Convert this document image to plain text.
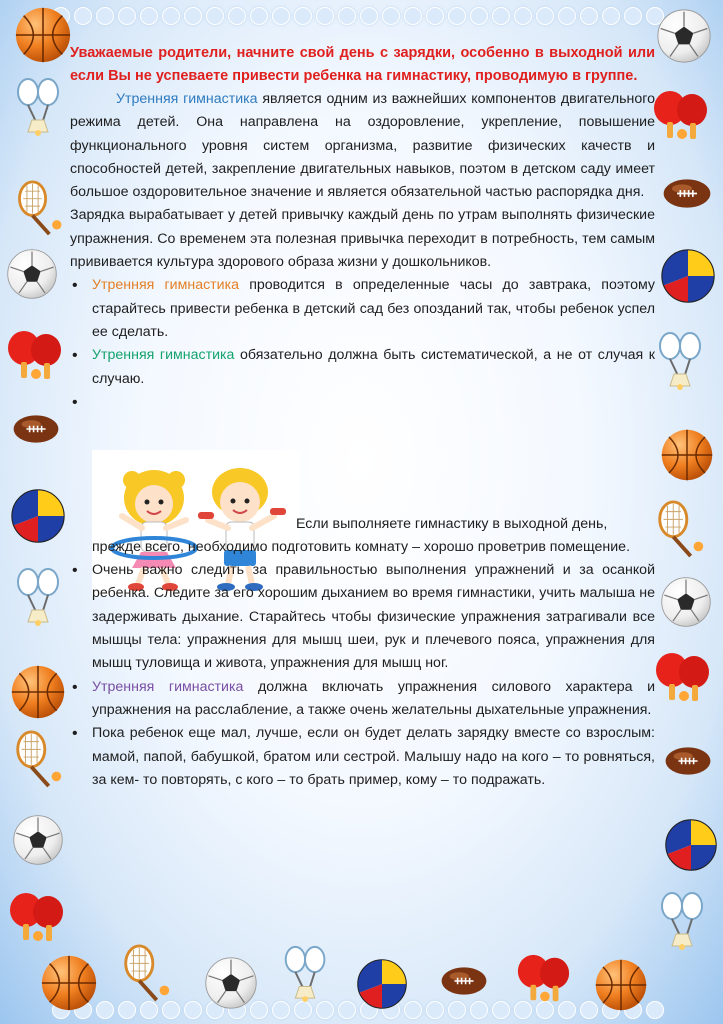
Уважаемые родители, начните свой день с зарядки, особенно в выходной или если Вы не успеваете привести ребенка на гимнастику, проводимую в группе.

Утренняя гимнастика является одним из важнейших компонентов двигательного режима детей. Она направлена на оздоровление, укрепление, повышение функционального уровня систем организма, развитие физических качеств и способностей детей, закрепление двигательных навыков, поэтом в детском саду имеет большое оздоровительное значение и является обязательной частью распорядка дня.

Зарядка вырабатывает у детей привычку каждый день по утрам выполнять физические упражнения. Со временем эта полезная привычка переходит в потребность, тем самым прививается культура здорового образа жизни у дошкольников.

• Утренняя гимнастика проводится в определенные часы до завтрака, поэтому старайтесь привести ребенка в детский сад без опозданий так, чтобы ребенок успел ее сделать.
• Утренняя гимнастика обязательно должна быть систематической, а не от случая к случаю.
• Если выполняете гимнастику в выходной день,
прежде всего, необходимо подготовить комнату – хорошо проветрив помещение.
• Очень важно следить за правильностью выполнения упражнений и за осанкой ребенка. Следите за его хорошим дыханием во время гимнастики, учить малыша не задерживать дыхание. Старайтесь чтобы физические упражнения затрагивали все мышцы тела: упражнения для мышц шеи, рук и плечевого пояса, упражнения для мышц туловища и живота, упражнения для мышц ног.
• Утренняя гимнастика должна включать упражнения силового характера и упражнения на расслабление, а также очень желательны дыхательные упражнения.
• Пока ребенок еще мал, лучше, если он будет делать зарядку вместе со взрослым: мамой, папой, бабушкой, братом или сестрой. Малышу надо на кого – то ровняться, за кем- то повторять, с кого – то брать пример, кому – то подражать.
